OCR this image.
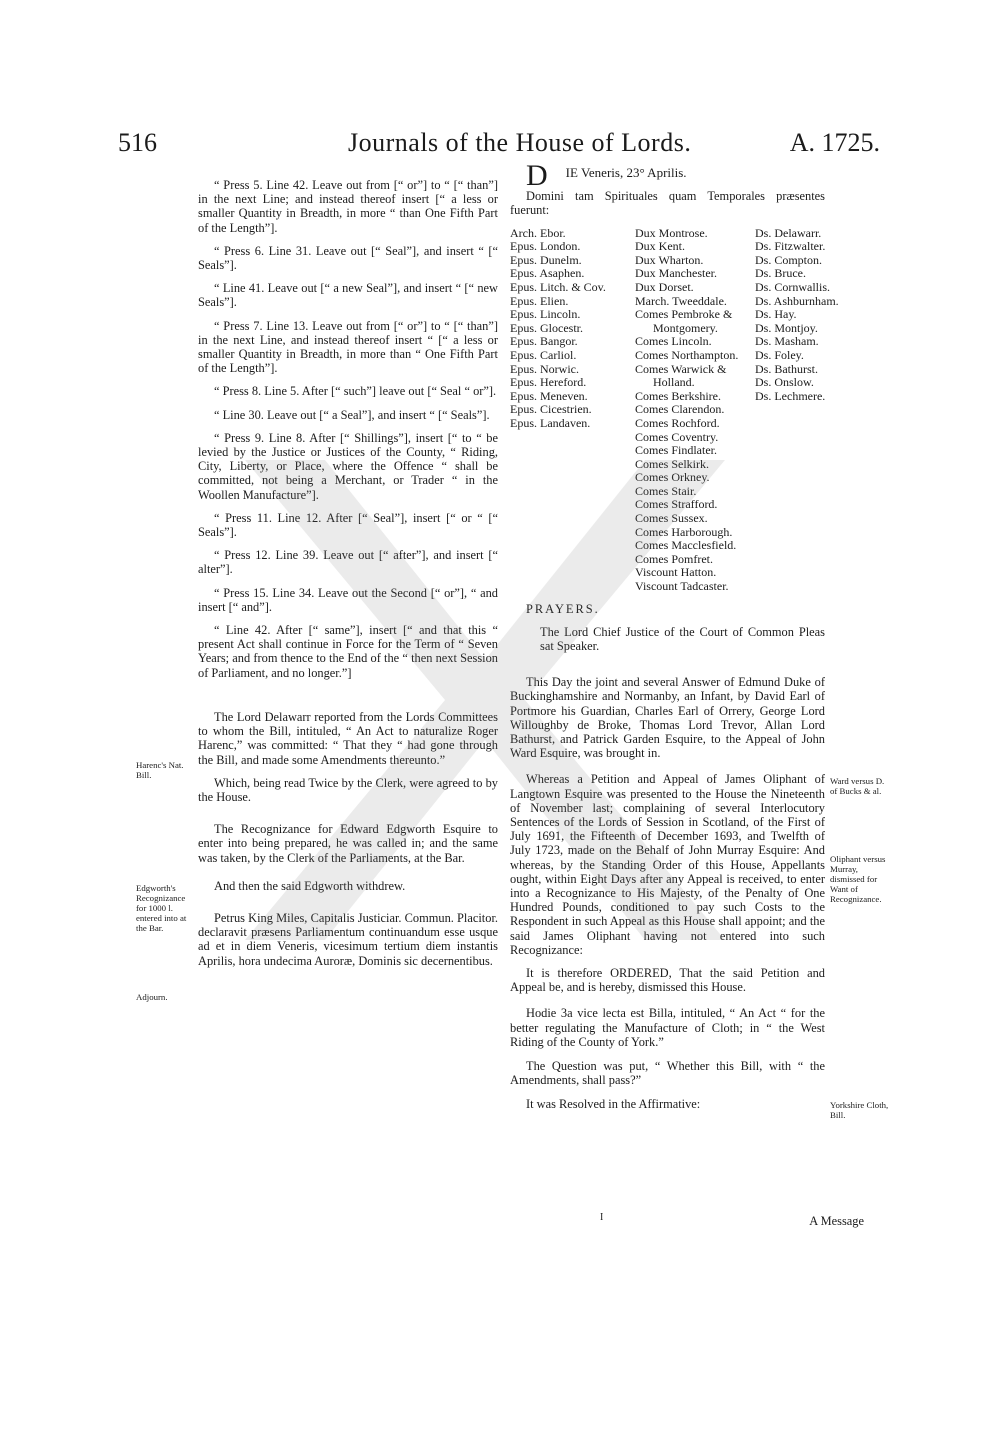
516	Journals of the House of Lords.	A. 1725.

“ Press 5. Line 42. Leave out from [“ or”] to “ [“ than”] in the next Line; and instead thereof insert [“ a less or smaller Quantity in Breadth, in more “ than One Fifth Part of the Length”].

“ Press 6. Line 31. Leave out [“ Seal”], and insert “ [“ Seals”].

“ Line 41. Leave out [“ a new Seal”], and insert “ [“ new Seals”].

“ Press 7. Line 13. Leave out from [“ or”] to “ [“ than”] in the next Line, and instead thereof insert “ [“ a less or smaller Quantity in Breadth, in more than “ One Fifth Part of the Length”].

“ Press 8. Line 5. After [“ such”] leave out [“ Seal “ or”].

“ Line 30. Leave out [“ a Seal”], and insert “ [“ Seals”].

“ Press 9. Line 8. After [“ Shillings”], insert [“ to “ be levied by the Justice or Justices of the County, “ Riding, City, Liberty, or Place, where the Offence “ shall be committed, not being a Merchant, or Trader “ in the Woollen Manufacture”].

“ Press 11. Line 12. After [“ Seal”], insert [“ or “ [“ Seals”].

“ Press 12. Line 39. Leave out [“ after”], and insert [“ alter”].

“ Press 15. Line 34. Leave out the Second [“ or”], “ and insert [“ and”].

“ Line 42. After [“ same”], insert [“ and that this “ present Act shall continue in Force for the Term of “ Seven Years; and from thence to the End of the “ then next Session of Parliament, and no longer.”]

The Lord Delawarr reported from the Lords Committees to whom the Bill, intituled, “ An Act to naturalize Roger Harenc,” was committed: “ That they “ had gone through the Bill, and made some Amendments thereunto.”

Which, being read Twice by the Clerk, were agreed to by the House.

The Recognizance for Edward Edgworth Esquire to enter into being prepared, he was called in; and the same was taken, by the Clerk of the Parliaments, at the Bar.

And then the said Edgworth withdrew.

Petrus King Miles, Capitalis Justiciar. Commun. Placitor. declaravit præsens Parliamentum continuandum esse usque ad et in diem Veneris, vicesimum tertium diem instantis Aprilis, hora undecima Auroræ, Dominis sic decernentibus.

Harenc's Nat. Bill.
Edgworth's Recognizance for 1000 l. entered into at the Bar.
Adjourn.

D IE Veneris, 23° Aprilis.

Domini tam Spirituales quam Temporales præsentes fuerunt:

Arch. Ebor.
Epus. London.
Epus. Dunelm.
Epus. Asaphen.
Epus. Litch. & Cov.
Epus. Elien.
Epus. Lincoln.
Epus. Glocestr.
Epus. Bangor.
Epus. Carliol.
Epus. Norwic.
Epus. Hereford.
Epus. Meneven.
Epus. Cicestrien.
Epus. Landaven.
Dux Montrose.
Dux Kent.
Dux Wharton.
Dux Manchester.
Dux Dorset.
March. Tweeddale.
Comes Pembroke &
Montgomery.
Comes Lincoln.
Comes Northampton.
Comes Warwick &
Holland.
Comes Berkshire.
Comes Clarendon.
Comes Rochford.
Comes Coventry.
Comes Findlater.
Comes Selkirk.
Comes Orkney.
Comes Stair.
Comes Strafford.
Comes Sussex.
Comes Harborough.
Comes Macclesfield.
Comes Pomfret.
Viscount Hatton.
Viscount Tadcaster.
Ds. Delawarr.
Ds. Fitzwalter.
Ds. Compton.
Ds. Bruce.
Ds. Cornwallis.
Ds. Ashburnham.
Ds. Hay.
Ds. Montjoy.
Ds. Masham.
Ds. Foley.
Ds. Bathurst.
Ds. Onslow.
Ds. Lechmere.

PRAYERS.

The Lord Chief Justice of the Court of Common Pleas sat Speaker.

This Day the joint and several Answer of Edmund Duke of Buckinghamshire and Normanby, an Infant, by David Earl of Portmore his Guardian, Charles Earl of Orrery, George Lord Willoughby de Broke, Thomas Lord Trevor, Allan Lord Bathurst, and Patrick Garden Esquire, to the Appeal of John Ward Esquire, was brought in.

Whereas a Petition and Appeal of James Oliphant of Langtown Esquire was presented to the House the Nineteenth of November last; complaining of several Interlocutory Sentences of the Lords of Session in Scotland, of the First of July 1691, the Fifteenth of December 1693, and Twelfth of July 1723, made on the Behalf of John Murray Esquire: And whereas, by the Standing Order of this House, Appellants ought, within Eight Days after any Appeal is received, to enter into a Recognizance to His Majesty, of the Penalty of One Hundred Pounds, conditioned to pay such Costs to the Respondent in such Appeal as this House shall appoint; and the said James Oliphant having not entered into such Recognizance:

It is therefore ORDERED, That the said Petition and Appeal be, and is hereby, dismissed this House.

Hodie 3a vice lecta est Billa, intituled, “ An Act “ for the better regulating the Manufacture of Cloth; in “ the West Riding of the County of York.”

The Question was put, “ Whether this Bill, with “ the Amendments, shall pass?”

It was Resolved in the Affirmative:

Ward versus D. of Bucks & al.
Oliphant versus Murray, dismissed for Want of Recognizance.
Yorkshire Cloth, Bill.
I	A Message
